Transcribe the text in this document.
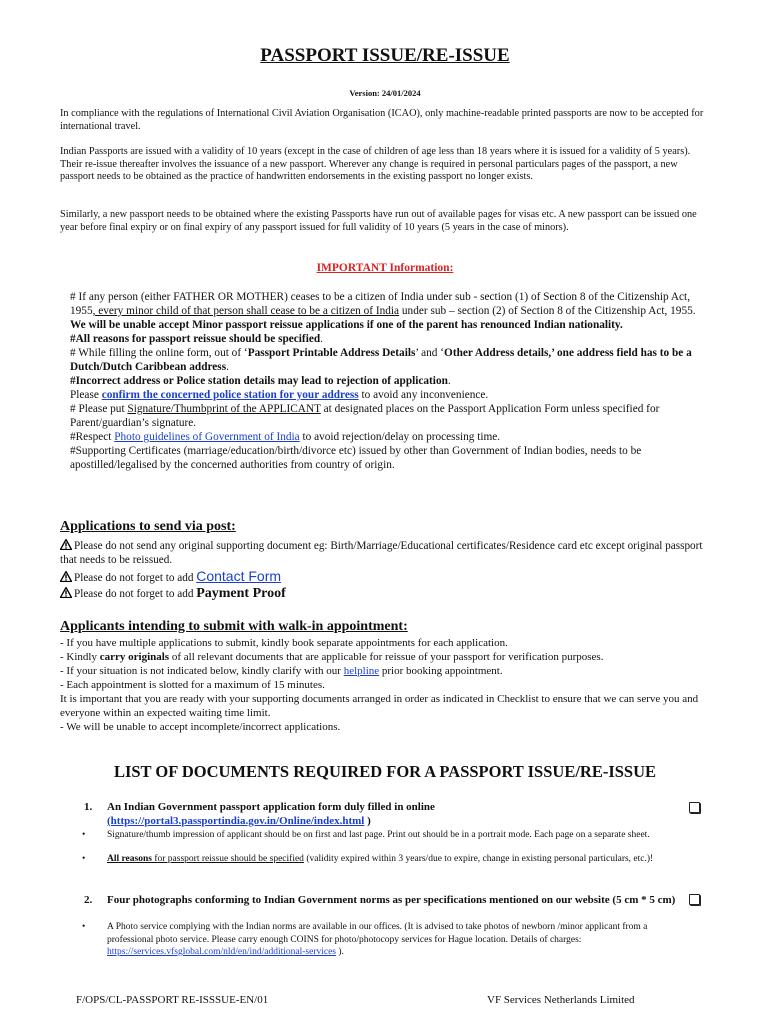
PASSPORT ISSUE/RE-ISSUE
Version: 24/01/2024
In compliance with the regulations of International Civil Aviation Organisation (ICAO), only machine-readable printed passports are now to be accepted for international travel.
Indian Passports are issued with a validity of 10 years (except in the case of children of age less than 18 years where it is issued for a validity of 5 years). Their re-issue thereafter involves the issuance of a new passport. Wherever any change is required in personal particulars pages of the passport, a new passport needs to be obtained as the practice of handwritten endorsements in the existing passport no longer exists.
Similarly, a new passport needs to be obtained where the existing Passports have run out of available pages for visas etc. A new passport can be issued one year before final expiry or on final expiry of any passport issued for full validity of 10 years (5 years in the case of minors).
IMPORTANT Information:
# If any person (either FATHER OR MOTHER) ceases to be a citizen of India under sub - section (1) of Section 8 of the Citizenship Act, 1955, every minor child of that person shall cease to be a citizen of India under sub – section (2) of Section 8 of the Citizenship Act, 1955. We will be unable accept Minor passport reissue applications if one of the parent has renounced Indian nationality.
#All reasons for passport reissue should be specified.
# While filling the online form, out of ‘Passport Printable Address Details’ and ‘Other Address details,’ one address field has to be a Dutch/Dutch Caribbean address.
#Incorrect address or Police station details may lead to rejection of application.
Please confirm the concerned police station for your address to avoid any inconvenience.
# Please put Signature/Thumbprint of the APPLICANT at designated places on the Passport Application Form unless specified for Parent/guardian’s signature.
#Respect Photo guidelines of Government of India to avoid rejection/delay on processing time.
#Supporting Certificates (marriage/education/birth/divorce etc) issued by other than Government of Indian bodies, needs to be apostilled/legalised by the concerned authorities from country of origin.
Applications to send via post:
Please do not send any original supporting document eg: Birth/Marriage/Educational certificates/Residence card etc except original passport that needs to be reissued.
Please do not forget to add Contact Form
Please do not forget to add Payment Proof
Applicants intending to submit with walk-in appointment:
- If you have multiple applications to submit, kindly book separate appointments for each application.
- Kindly carry originals of all relevant documents that are applicable for reissue of your passport for verification purposes.
- If your situation is not indicated below, kindly clarify with our helpline prior booking appointment.
- Each appointment is slotted for a maximum of 15 minutes.
It is important that you are ready with your supporting documents arranged in order as indicated in Checklist to ensure that we can serve you and everyone within an expected waiting time limit.
- We will be unable to accept incomplete/incorrect applications.
LIST OF DOCUMENTS REQUIRED FOR A PASSPORT ISSUE/RE-ISSUE
1. An Indian Government passport application form duly filled in online
(https://portal3.passportindia.gov.in/Online/index.html )
• Signature/thumb impression of applicant should be on first and last page. Print out should be in a portrait mode. Each page on a separate sheet.
• All reasons for passport reissue should be specified (validity expired within 3 years/due to expire, change in existing personal particulars, etc.)!
2. Four photographs conforming to Indian Government norms as per specifications mentioned on our website (5 cm * 5 cm)
• A Photo service complying with the Indian norms are available in our offices. (It is advised to take photos of newborn /minor applicant from a professional photo service. Please carry enough COINS for photo/photocopy services for Hague location. Details of charges: https://services.vfsglobal.com/nld/en/ind/additional-services ).
F/OPS/CL-PASSPORT RE-ISSSUE-EN/01	VF Services Netherlands Limited
